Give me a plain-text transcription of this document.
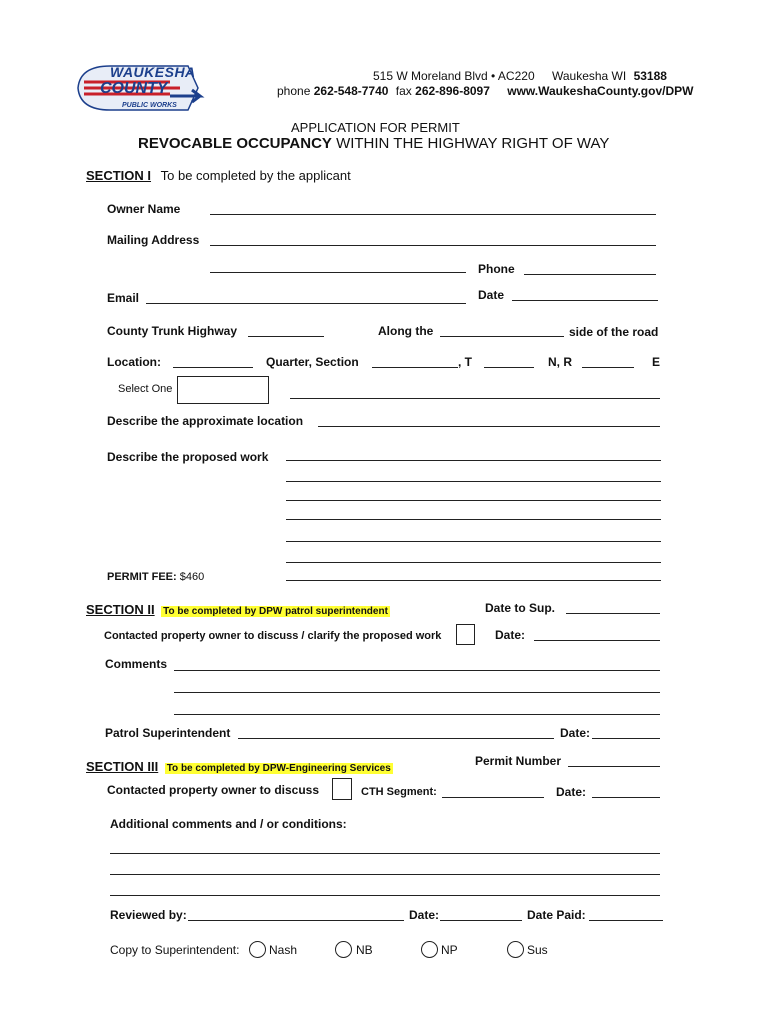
WAUKESHA
COUNTY
PUBLIC WORKS
515 W Moreland Blvd • AC220 Waukesha WI 53188
phone 262-548-7740 fax 262-896-8097 www.WaukeshaCounty.gov/DPW
APPLICATION FOR PERMIT
REVOCABLE OCCUPANCY WITHIN THE HIGHWAY RIGHT OF WAY
SECTION I To be completed by the applicant
Owner Name
Mailing Address
Phone
Date
Email
County Trunk Highway	Along the	side of the road
Location:	Quarter, Section	, T	N, R	E
Select One
Describe the approximate location
Describe the proposed work
PERMIT FEE: $460
SECTION II To be completed by DPW patrol superintendent	Date to Sup.
Contacted property owner to discuss / clarify the proposed work	Date:
Comments
Patrol Superintendent	Date:
SECTION III To be completed by DPW-Engineering Services
Permit Number
Contacted property owner to discuss	CTH Segment:	Date:
Additional comments and / or conditions:
Reviewed by:	Date:	Date Paid:
Copy to Superintendent: Nash	NB	NP	Sus
